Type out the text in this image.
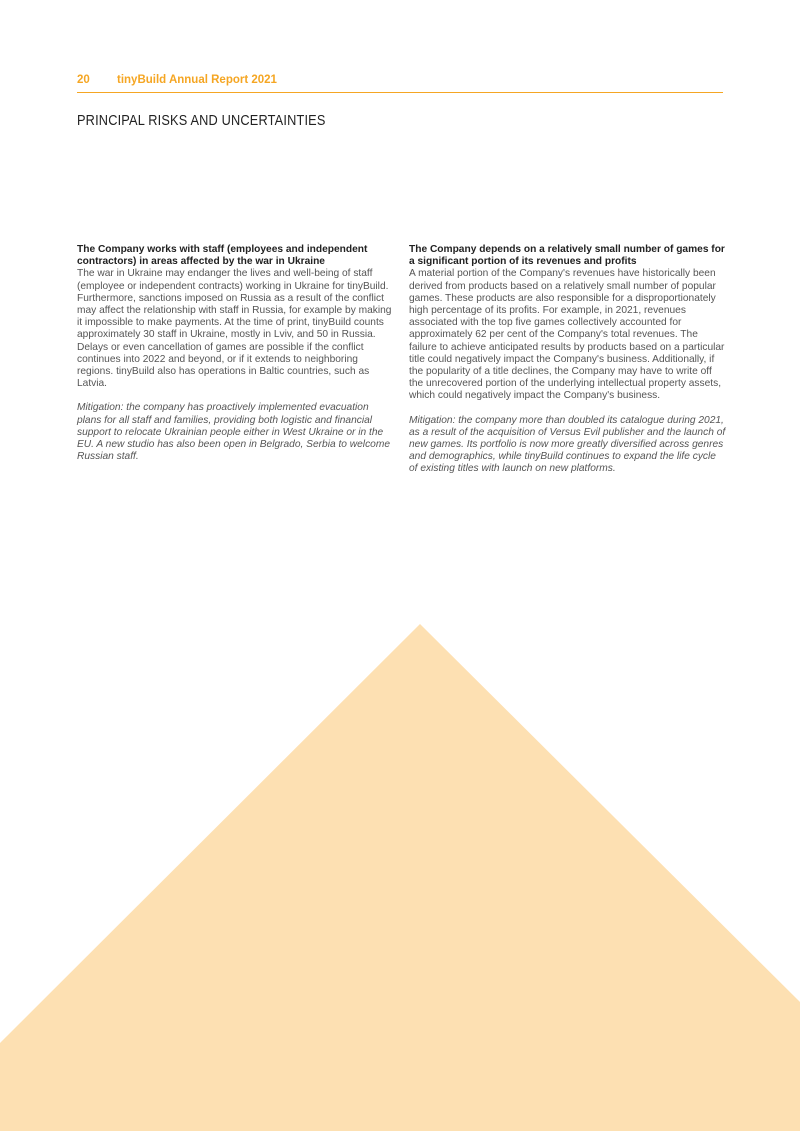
20 tinyBuild Annual Report 2021
PRINCIPAL RISKS AND UNCERTAINTIES
The Company works with staff (employees and independent contractors) in areas affected by the war in Ukraine

The war in Ukraine may endanger the lives and well-being of staff (employee or independent contracts) working in Ukraine for tinyBuild. Furthermore, sanctions imposed on Russia as a result of the conflict may affect the relationship with staff in Russia, for example by making it impossible to make payments. At the time of print, tinyBuild counts approximately 30 staff in Ukraine, mostly in Lviv, and 50 in Russia. Delays or even cancellation of games are possible if the conflict continues into 2022 and beyond, or if it extends to neighboring regions. tinyBuild also has operations in Baltic countries, such as Latvia.

Mitigation: the company has proactively implemented evacuation plans for all staff and families, providing both logistic and financial support to relocate Ukrainian people either in West Ukraine or in the EU. A new studio has also been open in Belgrado, Serbia to welcome Russian staff.

The Company depends on a relatively small number of games for a significant portion of its revenues and profits

A material portion of the Company's revenues have historically been derived from products based on a relatively small number of popular games. These products are also responsible for a disproportionately high percentage of its profits. For example, in 2021, revenues associated with the top five games collectively accounted for approximately 62 per cent of the Company's total revenues. The failure to achieve anticipated results by products based on a particular title could negatively impact the Company's business. Additionally, if the popularity of a title declines, the Company may have to write off the unrecovered portion of the underlying intellectual property assets, which could negatively impact the Company's business.

Mitigation: the company more than doubled its catalogue during 2021, as a result of the acquisition of Versus Evil publisher and the launch of new games. Its portfolio is now more greatly diversified across genres and demographics, while tinyBuild continues to expand the life cycle of existing titles with launch on new platforms.
